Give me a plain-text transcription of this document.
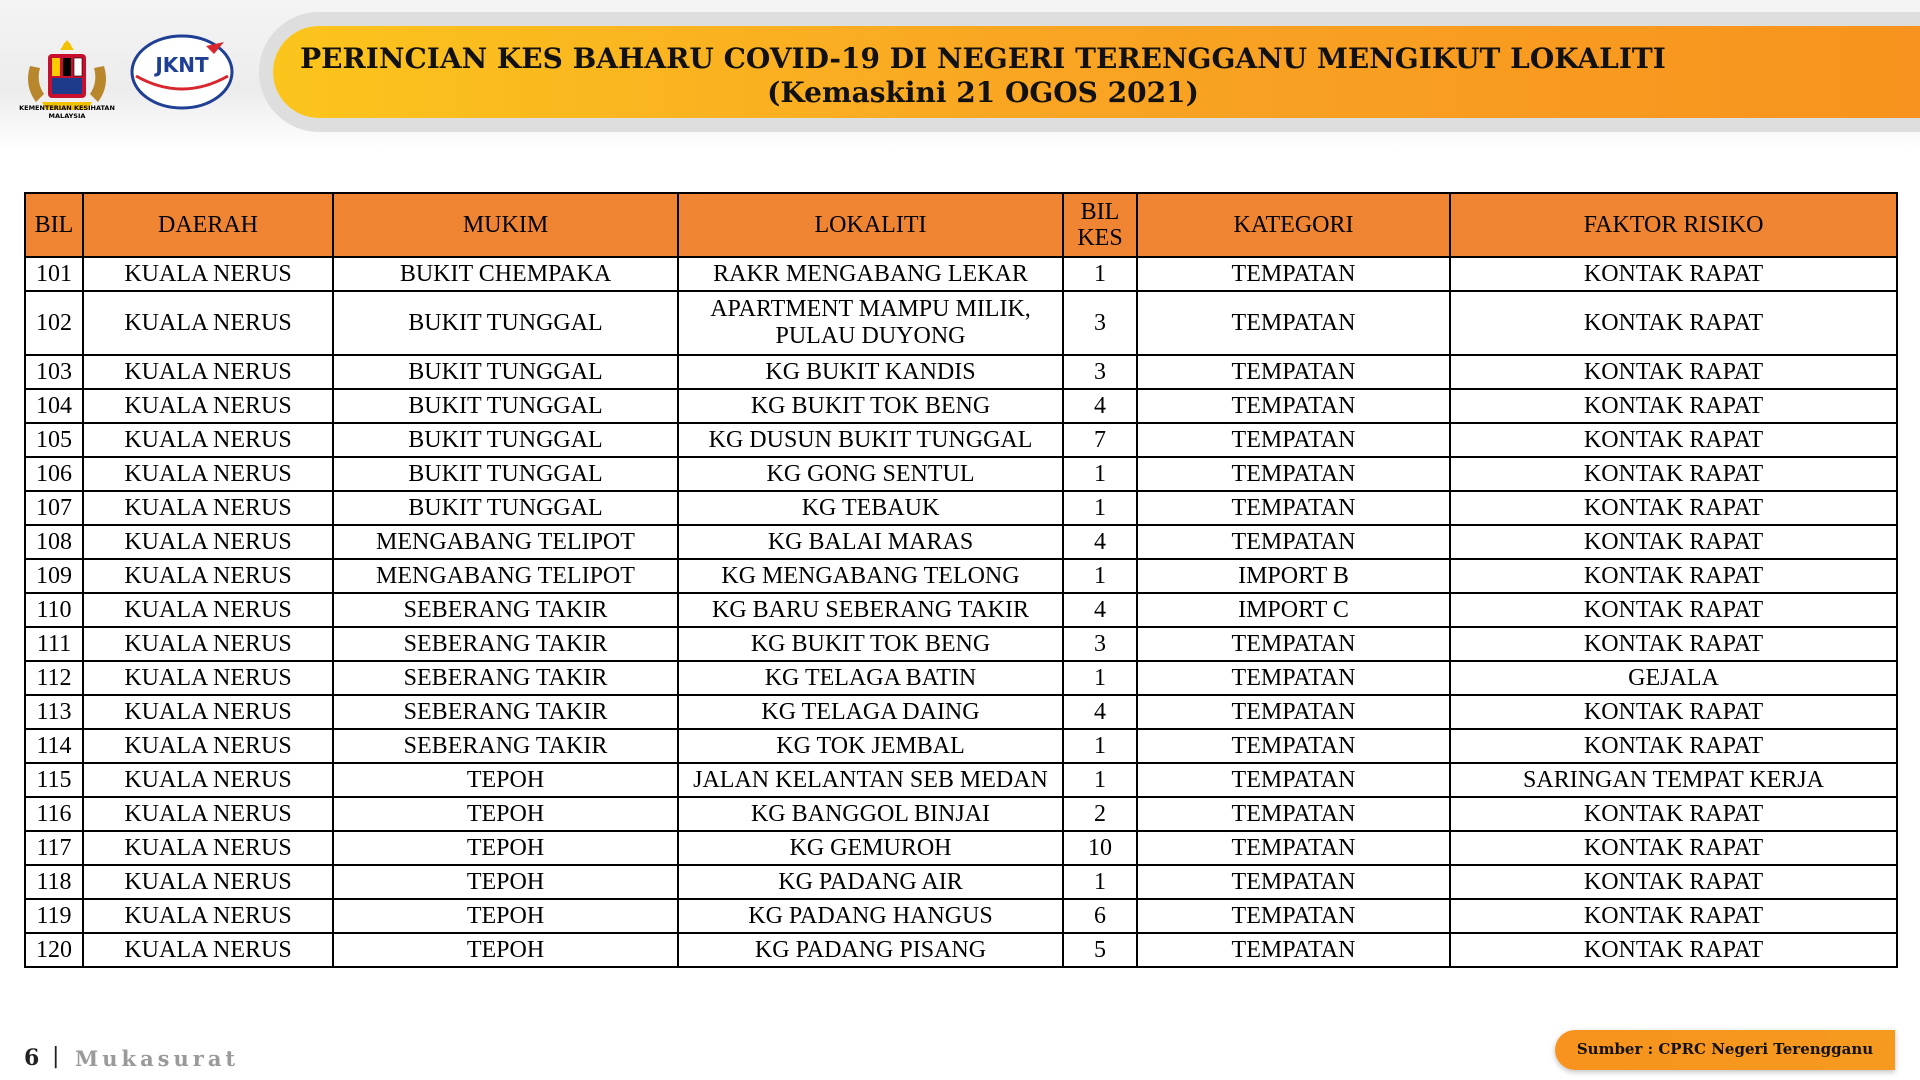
PERINCIAN KES BAHARU COVID-19 DI NEGERI TERENGGANU MENGIKUT LOKALITI
(Kemaskini 21 OGOS 2021)
KEMENTERIAN KESIHATAN MALAYSIA
JKNT
BIL	DAERAH	MUKIM	LOKALITI	BIL KES	KATEGORI	FAKTOR RISIKO
101	KUALA NERUS	BUKIT CHEMPAKA	RAKR MENGABANG LEKAR	1	TEMPATAN	KONTAK RAPAT
102	KUALA NERUS	BUKIT TUNGGAL	APARTMENT MAMPU MILIK, PULAU DUYONG	3	TEMPATAN	KONTAK RAPAT
103	KUALA NERUS	BUKIT TUNGGAL	KG BUKIT KANDIS	3	TEMPATAN	KONTAK RAPAT
104	KUALA NERUS	BUKIT TUNGGAL	KG BUKIT TOK BENG	4	TEMPATAN	KONTAK RAPAT
105	KUALA NERUS	BUKIT TUNGGAL	KG DUSUN BUKIT TUNGGAL	7	TEMPATAN	KONTAK RAPAT
106	KUALA NERUS	BUKIT TUNGGAL	KG GONG SENTUL	1	TEMPATAN	KONTAK RAPAT
107	KUALA NERUS	BUKIT TUNGGAL	KG TEBAUK	1	TEMPATAN	KONTAK RAPAT
108	KUALA NERUS	MENGABANG TELIPOT	KG BALAI MARAS	4	TEMPATAN	KONTAK RAPAT
109	KUALA NERUS	MENGABANG TELIPOT	KG MENGABANG TELONG	1	IMPORT B	KONTAK RAPAT
110	KUALA NERUS	SEBERANG TAKIR	KG BARU SEBERANG TAKIR	4	IMPORT C	KONTAK RAPAT
111	KUALA NERUS	SEBERANG TAKIR	KG BUKIT TOK BENG	3	TEMPATAN	KONTAK RAPAT
112	KUALA NERUS	SEBERANG TAKIR	KG TELAGA BATIN	1	TEMPATAN	GEJALA
113	KUALA NERUS	SEBERANG TAKIR	KG TELAGA DAING	4	TEMPATAN	KONTAK RAPAT
114	KUALA NERUS	SEBERANG TAKIR	KG TOK JEMBAL	1	TEMPATAN	KONTAK RAPAT
115	KUALA NERUS	TEPOH	JALAN KELANTAN SEB MEDAN	1	TEMPATAN	SARINGAN TEMPAT KERJA
116	KUALA NERUS	TEPOH	KG BANGGOL BINJAI	2	TEMPATAN	KONTAK RAPAT
117	KUALA NERUS	TEPOH	KG GEMUROH	10	TEMPATAN	KONTAK RAPAT
118	KUALA NERUS	TEPOH	KG PADANG AIR	1	TEMPATAN	KONTAK RAPAT
119	KUALA NERUS	TEPOH	KG PADANG HANGUS	6	TEMPATAN	KONTAK RAPAT
120	KUALA NERUS	TEPOH	KG PADANG PISANG	5	TEMPATAN	KONTAK RAPAT
6 | Mukasurat	Sumber : CPRC Negeri Terengganu
